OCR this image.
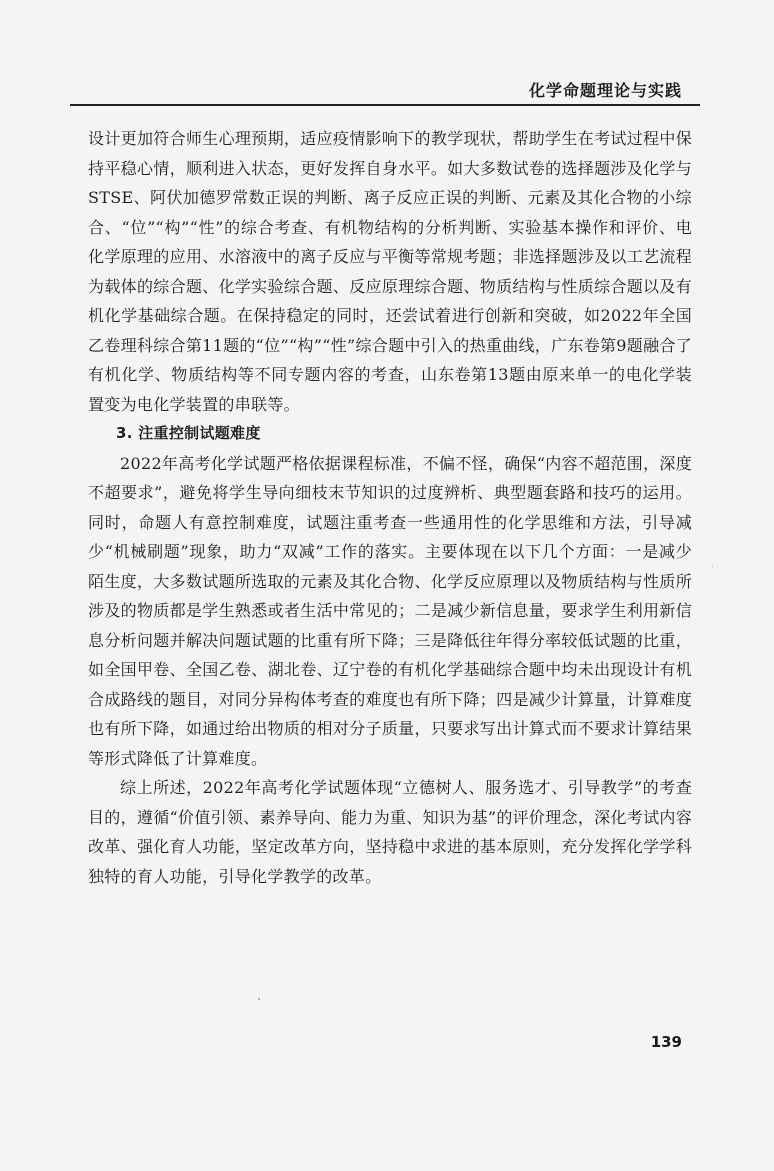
化学命题理论与实践

设计更加符合师生心理预期，适应疫情影响下的教学现状，帮助学生在考试过程中保持平稳心情，顺利进入状态，更好发挥自身水平。如大多数试卷的选择题涉及化学与STSE、阿伏加德罗常数正误的判断、离子反应正误的判断、元素及其化合物的小综合、“位”“构”“性”的综合考查、有机物结构的分析判断、实验基本操作和评价、电化学原理的应用、水溶液中的离子反应与平衡等常规考题；非选择题涉及以工艺流程为载体的综合题、化学实验综合题、反应原理综合题、物质结构与性质综合题以及有机化学基础综合题。在保持稳定的同时，还尝试着进行创新和突破，如2022年全国乙卷理科综合第11题的“位”“构”“性”综合题中引入的热重曲线，广东卷第9题融合了有机化学、物质结构等不同专题内容的考查，山东卷第13题由原来单一的电化学装置变为电化学装置的串联等。

3. 注重控制试题难度

2022年高考化学试题严格依据课程标准，不偏不怪，确保“内容不超范围，深度不超要求”，避免将学生导向细枝末节知识的过度辨析、典型题套路和技巧的运用。同时，命题人有意控制难度，试题注重考查一些通用性的化学思维和方法，引导减少“机械刷题”现象，助力“双减”工作的落实。主要体现在以下几个方面：一是减少陌生度，大多数试题所选取的元素及其化合物、化学反应原理以及物质结构与性质所涉及的物质都是学生熟悉或者生活中常见的；二是减少新信息量，要求学生利用新信息分析问题并解决问题试题的比重有所下降；三是降低往年得分率较低试题的比重，如全国甲卷、全国乙卷、湖北卷、辽宁卷的有机化学基础综合题中均未出现设计有机合成路线的题目，对同分异构体考查的难度也有所下降；四是减少计算量，计算难度也有所下降，如通过给出物质的相对分子质量，只要求写出计算式而不要求计算结果等形式降低了计算难度。

综上所述，2022年高考化学试题体现“立德树人、服务选才、引导教学”的考查目的，遵循“价值引领、素养导向、能力为重、知识为基”的评价理念，深化考试内容改革、强化育人功能，坚定改革方向，坚持稳中求进的基本原则，充分发挥化学学科独特的育人功能，引导化学教学的改革。

139
